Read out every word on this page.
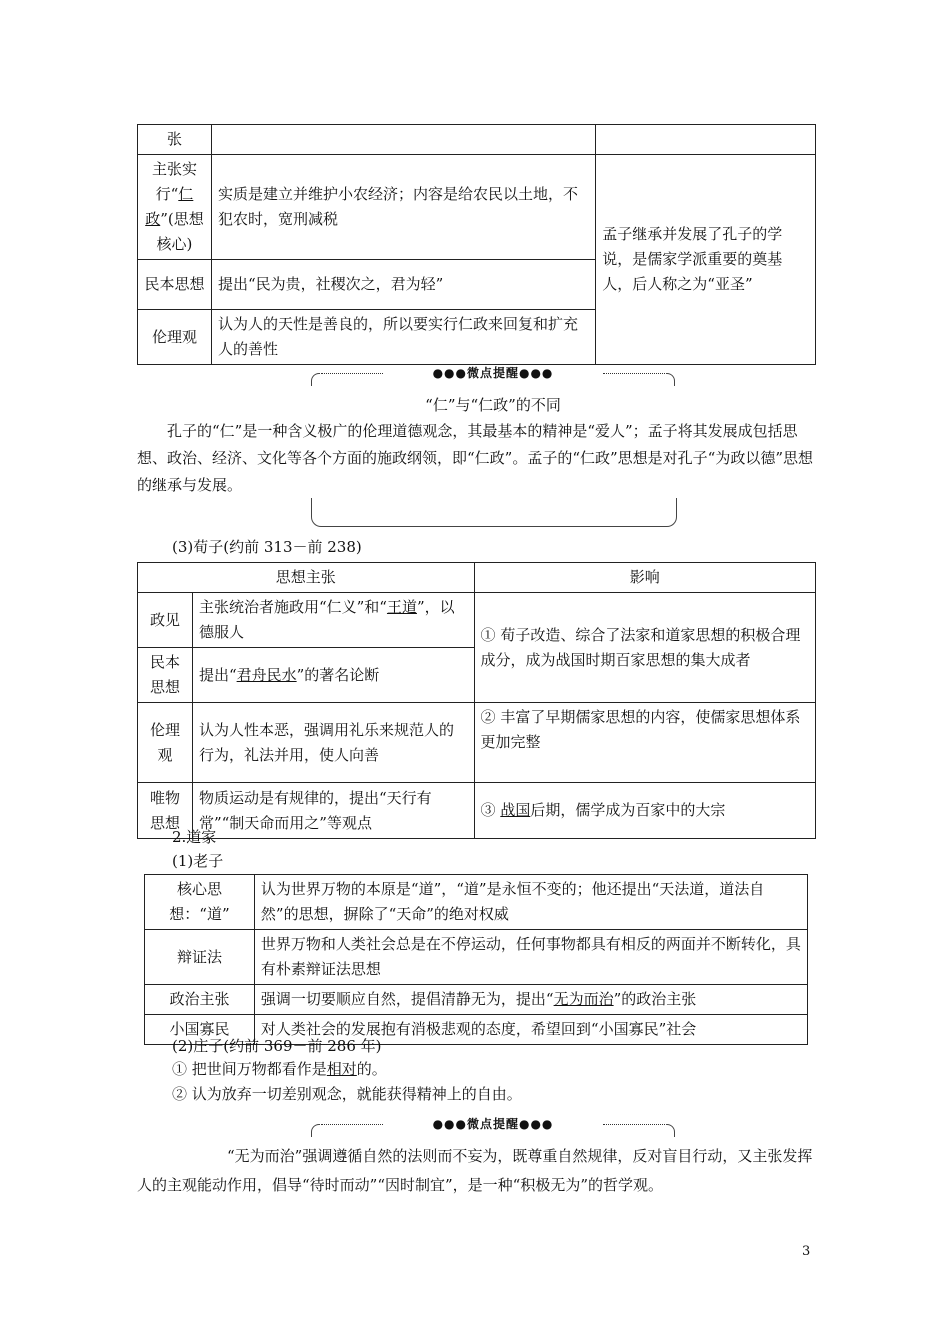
张		
主张实行“仁政”(思想核心)	实质是建立并维护小农经济；内容是给农民以土地，不犯农时，宽刑减税	孟子继承并发展了孔子的学说，是儒家学派重要的奠基人，后人称之为“亚圣”
民本思想	提出“民为贵，社稷次之，君为轻”	
伦理观	认为人的天性是善良的，所以要实行仁政来回复和扩充人的善性	
●●●微点提醒●●●
“仁”与“仁政”的不同
孔子的“仁”是一种含义极广的伦理道德观念，其最基本的精神是“爱人”；孟子将其发展成包括思想、政治、经济、文化等各个方面的施政纲领，即“仁政”。孟子的“仁政”思想是对孔子“为政以德”思想的继承与发展。
(3)荀子(约前 313－前 238)
思想主张		影响
政见	主张统治者施政用“仁义”和“王道”，以德服人	① 荀子改造、综合了法家和道家思想的积极合理成分，成为战国时期百家思想的集大成者
民本思想	提出“君舟民水”的著名论断	
伦理观	认为人性本恶，强调用礼乐来规范人的行为，礼法并用，使人向善	② 丰富了早期儒家思想的内容，使儒家思想体系更加完整
唯物思想	物质运动是有规律的，提出“天行有常”“制天命而用之”等观点	③ 战国后期，儒学成为百家中的大宗
2.道家
(1)老子
核心思想：“道”	认为世界万物的本原是“道”，“道”是永恒不变的；他还提出“天法道，道法自然”的思想，摒除了“天命”的绝对权威
辩证法	世界万物和人类社会总是在不停运动，任何事物都具有相反的两面并不断转化，具有朴素辩证法思想
政治主张	强调一切要顺应自然，提倡清静无为，提出“无为而治”的政治主张
小国寡民	对人类社会的发展抱有消极悲观的态度，希望回到“小国寡民”社会
(2)庄子(约前 369－前 286 年)
① 把世间万物都看作是相对的。
② 认为放弃一切差别观念，就能获得精神上的自由。
●●●微点提醒●●●
“无为而治”强调遵循自然的法则而不妄为，既尊重自然规律，反对盲目行动，又主张发挥人的主观能动作用，倡导“待时而动”“因时制宜”，是一种“积极无为”的哲学观。
3
